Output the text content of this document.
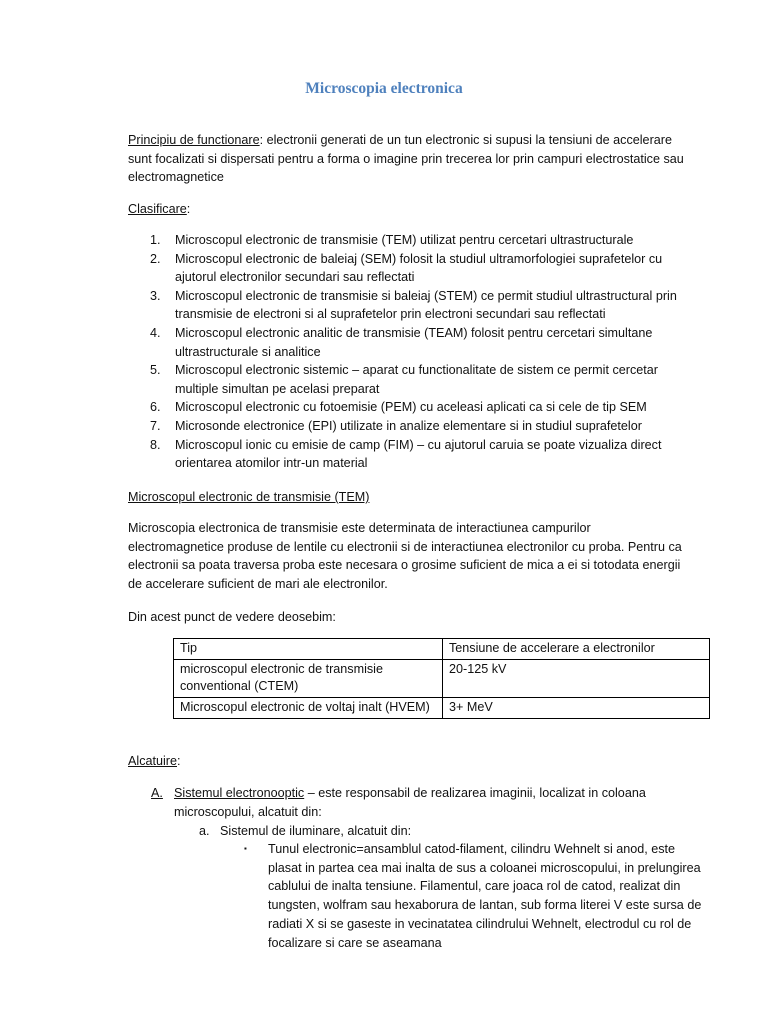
Microscopia electronica
Principiu de functionare: electronii generati de un tun electronic si supusi la tensiuni de accelerare sunt focalizati si dispersati pentru a forma o imagine prin trecerea lor prin campuri electrostatice sau electromagnetice
Clasificare:
1. Microscopul electronic de transmisie (TEM) utilizat pentru cercetari ultrastructurale
2. Microscopul electronic de baleiaj (SEM) folosit la studiul ultramorfologiei suprafetelor cu ajutorul electronilor secundari sau reflectati
3. Microscopul electronic de transmisie si baleiaj (STEM) ce permit studiul ultrastructural prin transmisie de electroni si al suprafetelor prin electroni secundari sau reflectati
4. Microscopul electronic analitic de transmisie (TEAM) folosit pentru cercetari simultane ultrastructurale si analitice
5. Microscopul electronic sistemic – aparat cu functionalitate de sistem ce permit cercetar multiple simultan pe acelasi preparat
6. Microscopul electronic cu fotoemisie (PEM) cu aceleasi aplicati ca si cele de tip SEM
7. Microsonde electronice (EPI) utilizate in analize elementare si in studiul suprafetelor
8. Microscopul ionic cu emisie de camp (FIM) – cu ajutorul caruia se poate vizualiza direct orientarea atomilor intr-un material
Microscopul electronic de transmisie (TEM)
Microscopia electronica de transmisie este determinata de interactiunea campurilor electromagnetice produse de lentile cu electronii si de interactiunea electronilor cu proba. Pentru ca electronii sa poata traversa proba este necesara o grosime suficient de mica a ei si totodata energii de accelerare suficient de mari ale electronilor.
Din acest punct de vedere deosebim:
Tip	Tensiune de accelerare a electronilor
microscopul electronic de transmisie conventional (CTEM)	20-125 kV
Microscopul electronic de voltaj inalt (HVEM)	3+ MeV
Alcatuire:
A. Sistemul electronooptic – este responsabil de realizarea imaginii, localizat in coloana microscopului, alcatuit din:
a. Sistemul de iluminare, alcatuit din:
▪ Tunul electronic=ansamblul catod-filament, cilindru Wehnelt si anod, este plasat in partea cea mai inalta de sus a coloanei microscopului, in prelungirea cablului de inalta tensiune. Filamentul, care joaca rol de catod, realizat din tungsten, wolfram sau hexaborura de lantan, sub forma literei V este sursa de radiati X si se gaseste in vecinatatea cilindrului Wehnelt, electrodul cu rol de focalizare si care se aseamana
